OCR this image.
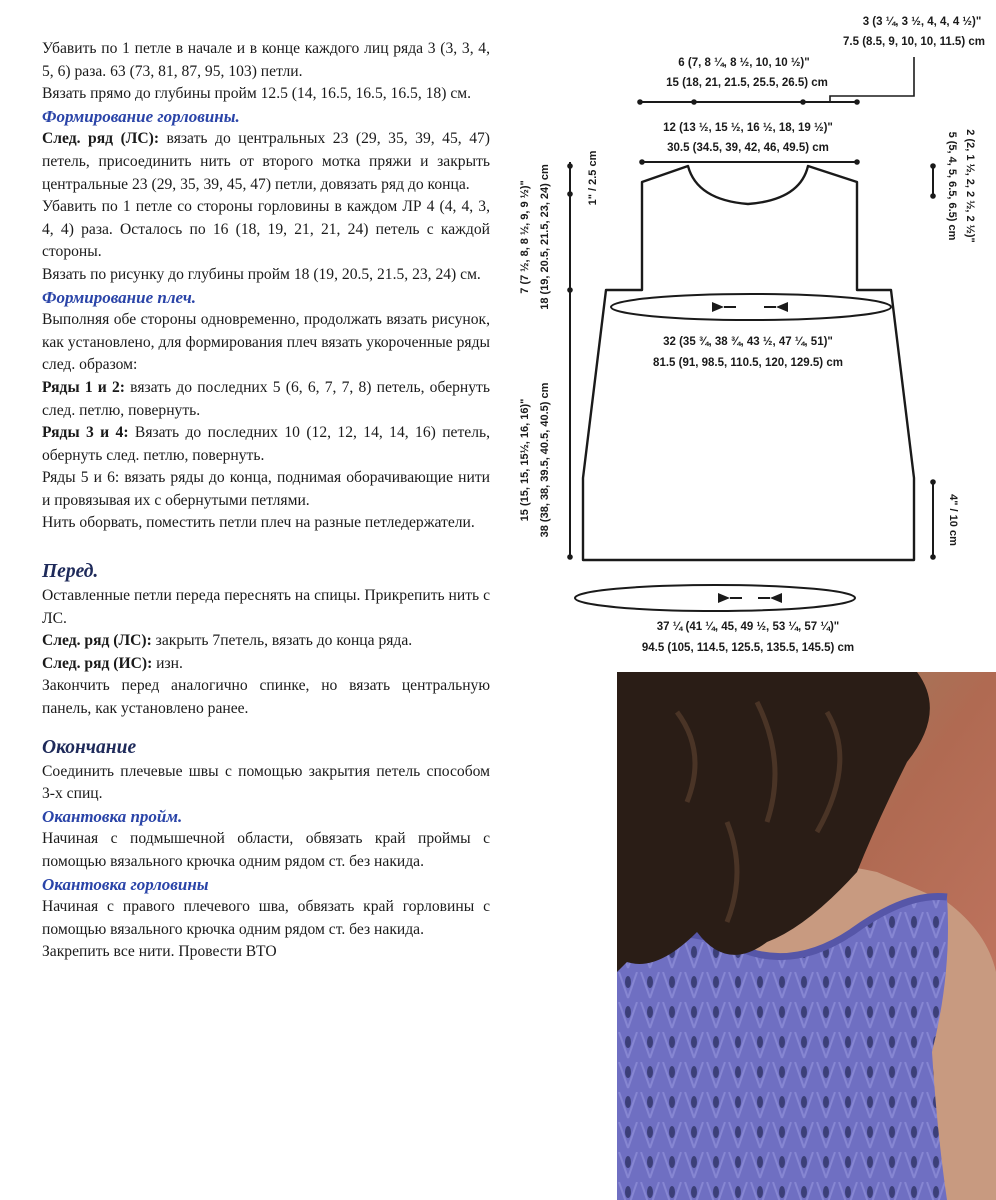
Убавить по 1 петле в начале и в конце каждого лиц ряда 3 (3, 3, 4, 5, 6) раза. 63 (73, 81, 87, 95, 103) петли.

Вязать прямо до глубины пройм 12.5 (14, 16.5, 16.5, 16.5, 18) см.

Формирование горловины.

След. ряд (ЛС): вязать до центральных 23 (29, 35, 39, 45, 47) петель, присоединить нить от второго мотка пряжи и закрыть центральные 23 (29, 35, 39, 45, 47) петли, довязать ряд до конца.

Убавить по 1 петле со стороны горловины в каждом ЛР 4 (4, 4, 3, 4, 4) раза. Осталось по 16 (18, 19, 21, 21, 24) петель с каждой стороны.

Вязать по рисунку до глубины пройм 18 (19, 20.5, 21.5, 23, 24) см.

Формирование плеч.

Выполняя обе стороны одновременно, продолжать вязать рисунок, как установлено, для формирования плеч вязать укороченные ряды след. образом:

Ряды 1 и 2: вязать до последних 5 (6, 6, 7, 7, 8) петель, обернуть след. петлю, повернуть.

Ряды 3 и 4: Вязать до последних 10 (12, 12, 14, 14, 16) петель, обернуть след. петлю, повернуть.

Ряды 5 и 6: вязать ряды до конца, поднимая оборачивающие нити и провязывая их с обернутыми петлями.

Нить оборвать, поместить петли плеч на разные петледержатели.

Перед.

Оставленные петли переда переснять на спицы. Прикрепить нить с ЛС.

След. ряд (ЛС): закрыть 7петель, вязать до конца ряда.

След. ряд (ИС): изн.

Закончить перед аналогично спинке, но вязать центральную панель, как установлено ранее.

Окончание

Соединить плечевые швы с помощью закрытия петель способом 3-х спиц.

Окантовка пройм.

Начиная с подмышечной области, обвязать край проймы с помощью вязального крючка одним рядом ст. без накида.

Окантовка горловины

Начиная с правого плечевого шва, обвязать край горловины с помощью вязального крючка одним рядом ст. без накида.

Закрепить все нити. Провести ВТО

3 (3 ¼, 3 ½, 4, 4, 4 ½)"
7.5 (8.5, 9, 10, 10, 11.5) cm
6 (7, 8 ¼, 8 ½, 10, 10 ½)"
15 (18, 21, 21.5, 25.5, 26.5) cm
12 (13 ½, 15 ½, 16 ½, 18, 19 ½)"
30.5 (34.5, 39, 42, 46, 49.5) cm
32 (35 ¾, 38 ¾, 43 ½, 47 ¼, 51)"
81.5 (91, 98.5, 110.5, 120, 129.5) cm
37 ¼ (41 ¼, 45, 49 ½, 53 ¼, 57 ¼)"
94.5 (105, 114.5, 125.5, 135.5, 145.5) cm
1" / 2.5 cm
7 (7 ½, 8, 8 ½, 9, 9 ½)" 18 (19, 20.5, 21.5, 23, 24) cm
15 (15, 15, 15½, 16, 16)" 38 (38, 38, 39.5, 40.5, 40.5) cm
2 (2, 1 ½, 2, 2 ½, 2 ½)"
5 (5, 4, 5, 6.5, 6.5) cm
4" / 10 cm
